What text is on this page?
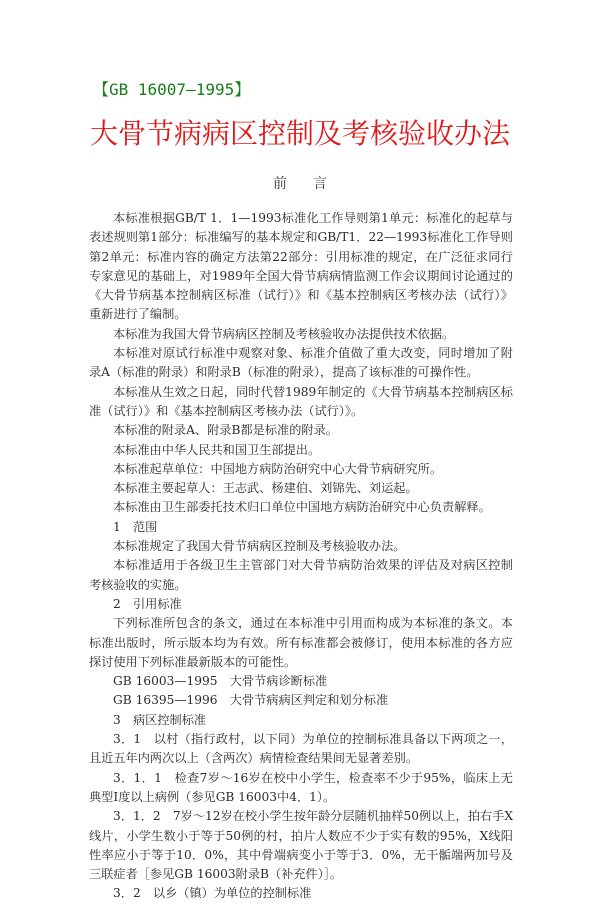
【GB 16007—1995】
大骨节病病区控制及考核验收办法
前言

本标准根据GB/T 1．1—1993标准化工作导则第1单元：标准化的起草与表述规则第1部分：标准编写的基本规定和GB/T1．22—1993标准化工作导则第2单元：标准内容的确定方法第22部分：引用标准的规定，在广泛征求同行专家意见的基础上，对1989年全国大骨节病病情监测工作会议期间讨论通过的《大骨节病基本控制病区标准（试行）》和《基本控制病区考核办法（试行）》重新进行了编制。

本标准为我国大骨节病病区控制及考核验收办法提供技术依据。

本标准对原试行标准中观察对象、标准介值做了重大改变，同时增加了附录A（标准的附录）和附录B（标准的附录），提高了该标准的可操作性。

本标准从生效之日起，同时代替1989年制定的《大骨节病基本控制病区标准（试行）》和《基本控制病区考核办法（试行）》。

本标准的附录A、附录B都是标准的附录。

本标准由中华人民共和国卫生部提出。

本标准起草单位：中国地方病防治研究中心大骨节病研究所。

本标准主要起草人：王志武、杨建伯、刘锦先、刘运起。

本标准由卫生部委托技术归口单位中国地方病防治研究中心负责解释。

1　范围

本标准规定了我国大骨节病病区控制及考核验收办法。

本标准适用于各级卫生主管部门对大骨节病防治效果的评估及对病区控制考核验收的实施。

2　引用标准

下列标准所包含的条文，通过在本标准中引用而构成为本标准的条文。本标准出版时，所示版本均为有效。所有标准都会被修订，使用本标准的各方应探讨使用下列标准最新版本的可能性。

GB 16003—1995　大骨节病诊断标准

GB 16395—1996　大骨节病病区判定和划分标准

3　病区控制标准

3．1　以村（指行政村，以下同）为单位的控制标准具备以下两项之一，且近五年内两次以上（含两次）病情检查结果间无显著差别。

3．1．1　检查7岁～16岁在校中小学生，检查率不少于95%，临床上无典型Ⅰ度以上病例（参见GB 16003中4．1）。

3．1．2　7岁～12岁在校小学生按年龄分层随机抽样50例以上，拍右手X线片，小学生数小于等于50例的村，拍片人数应不少于实有数的95%，X线阳性率应小于等于10．0%，其中骨端病变小于等于3．0%，无干骺端两加号及三联症者［参见GB 16003附录B（补充件）］。

3．2　以乡（镇）为单位的控制标准
